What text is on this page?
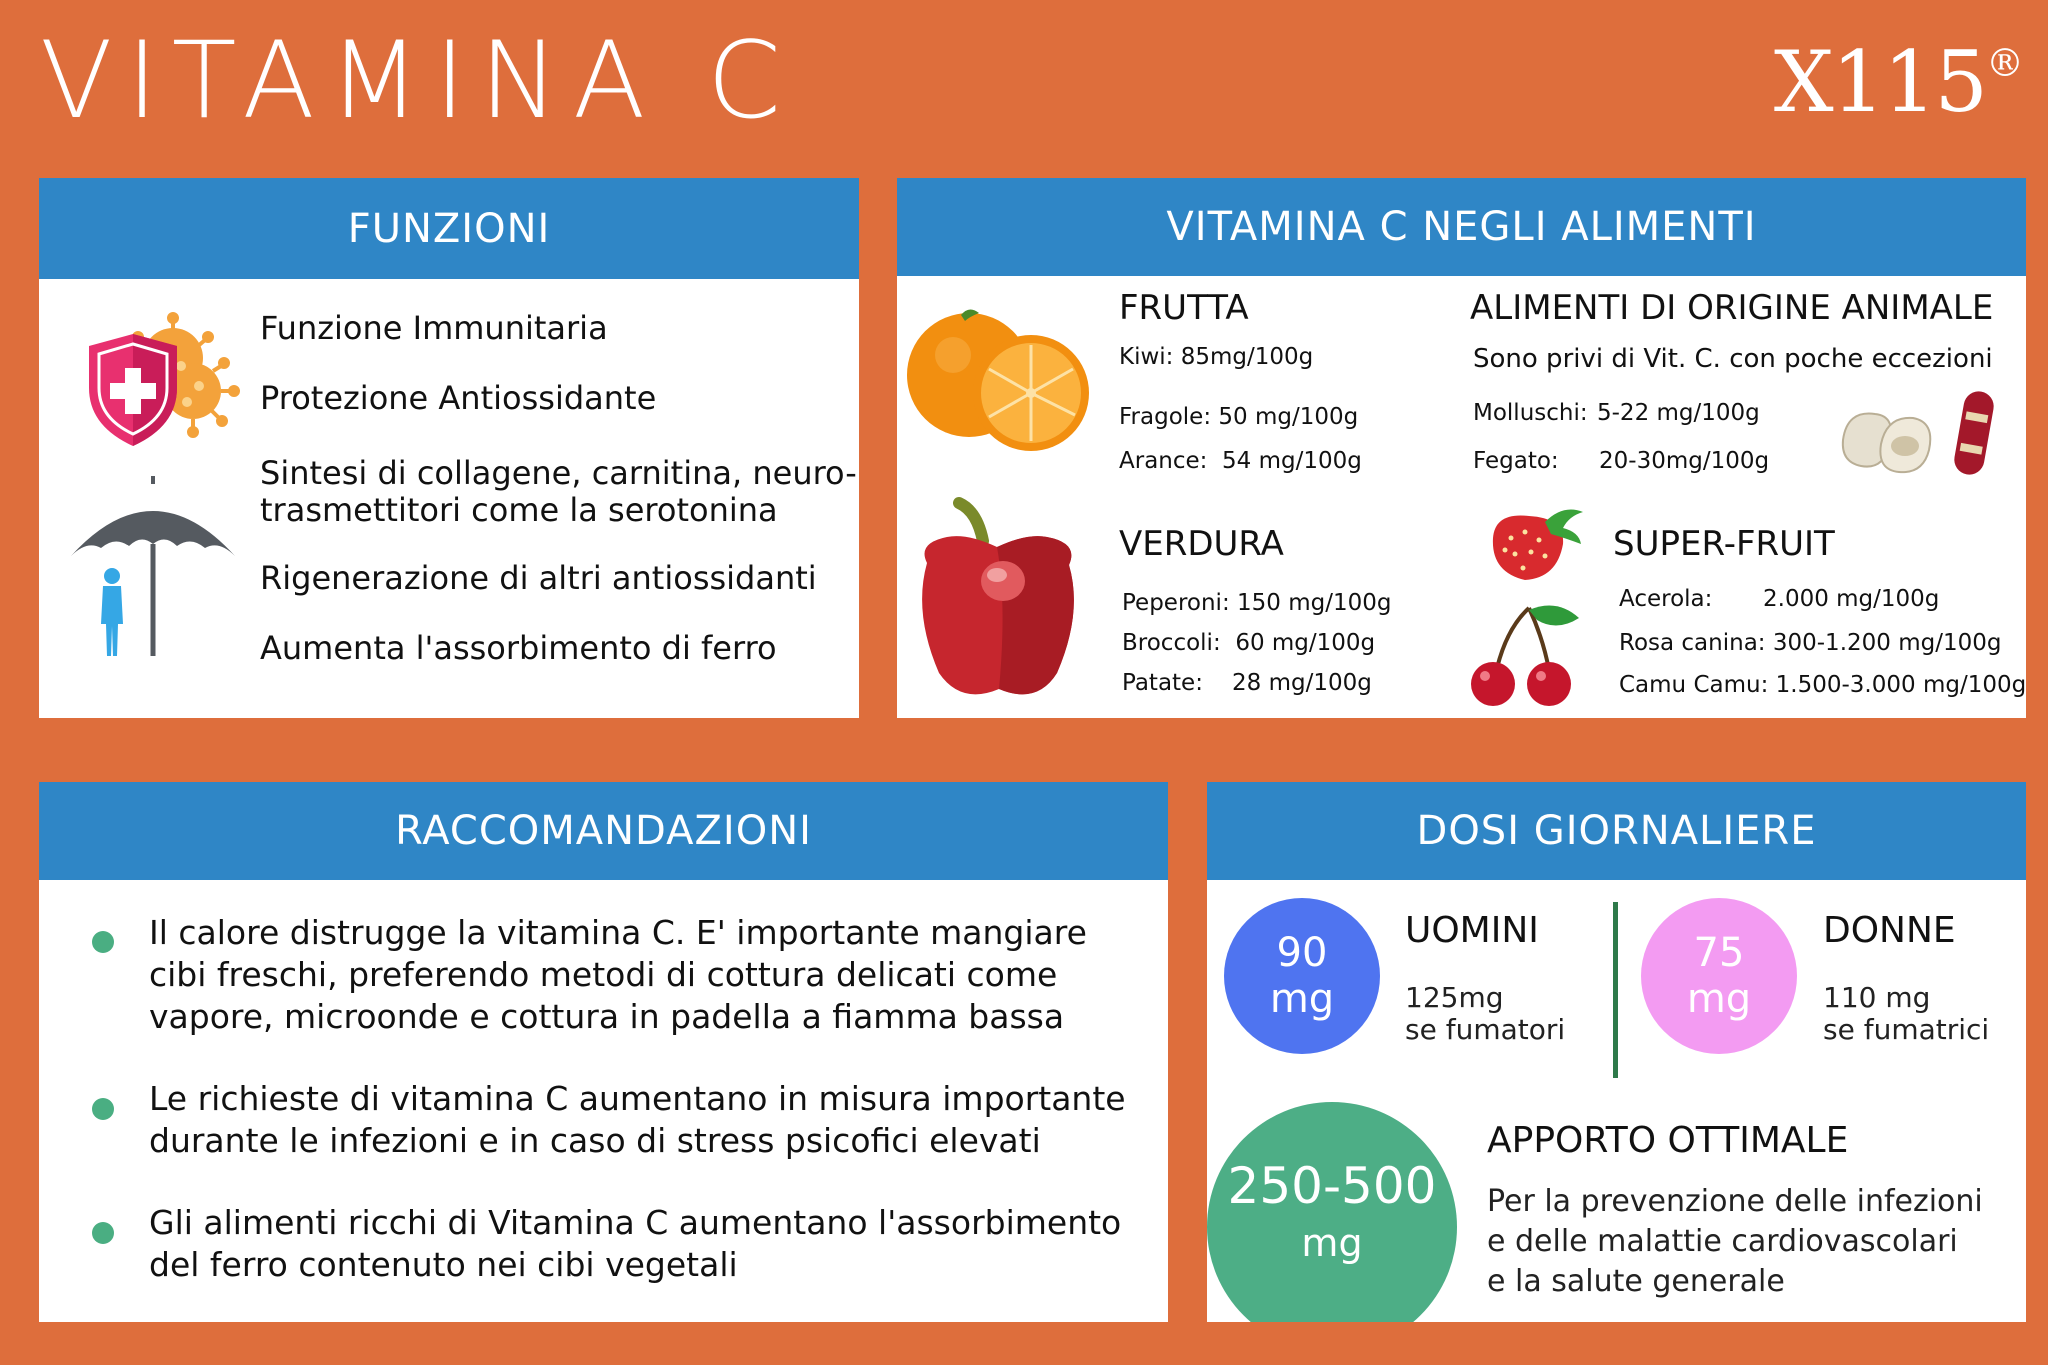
VITAMINA C	X115®
FUNZIONI
Funzione Immunitaria
Protezione Antiossidante
Sintesi di collagene, carnitina, neuro-
trasmettitori come la serotonina
Rigenerazione di altri antiossidanti
Aumenta l'assorbimento di ferro
VITAMINA C NEGLI ALIMENTI
FRUTTA
Kiwi: 85mg/100g
Fragole: 50 mg/100g
Arance: 54 mg/100g
ALIMENTI DI ORIGINE ANIMALE
Sono privi di Vit. C. con poche eccezioni
Molluschi: 5-22 mg/100g
Fegato: 20-30mg/100g
VERDURA
Peperoni: 150 mg/100g
Broccoli: 60 mg/100g
Patate: 28 mg/100g
SUPER-FRUIT
Acerola: 2.000 mg/100g
Rosa canina: 300-1.200 mg/100g
Camu Camu: 1.500-3.000 mg/100g
RACCOMANDAZIONI
Il calore distrugge la vitamina C. E' importante mangiare
cibi freschi, preferendo metodi di cottura delicati come
vapore, microonde e cottura in padella a fiamma bassa
Le richieste di vitamina C aumentano in misura importante
durante le infezioni e in caso di stress psicofici elevati
Gli alimenti ricchi di Vitamina C aumentano l'assorbimento
del ferro contenuto nei cibi vegetali
DOSI GIORNALIERE
90
mg
UOMINI
125mg
se fumatori
75
mg
DONNE
110 mg
se fumatrici
250-500
mg
APPORTO OTTIMALE
Per la prevenzione delle infezioni
e delle malattie cardiovascolari
e la salute generale
